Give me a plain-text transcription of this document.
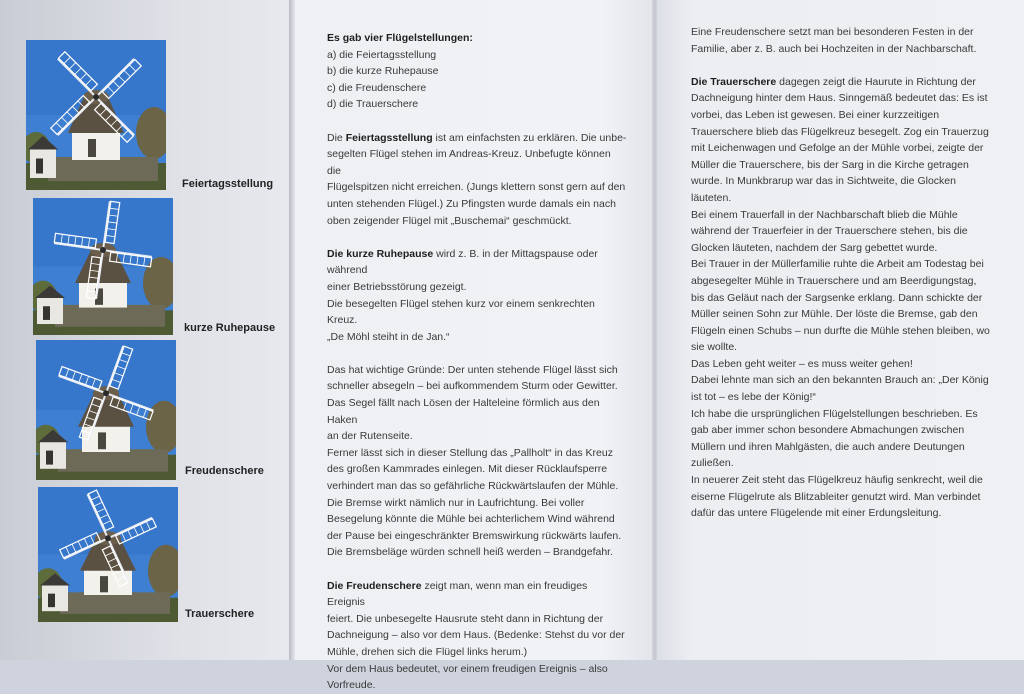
Feiertagsstellung
kurze Ruhepause
Freudenschere
Trauerschere

Es gab vier Flügelstellungen:

a) die Feiertagsstellung

b) die kurze Ruhepause

c) die Freudenschere

d) die Trauerschere

Die Feiertagsstellung ist am einfachsten zu erklären. Die unbe-

segelten Flügel stehen im Andreas-Kreuz. Unbefugte können die

Flügelspitzen nicht erreichen. (Jungs klettern sonst gern auf den

unten stehenden Flügel.) Zu Pfingsten wurde damals ein nach

oben zeigender Flügel mit „Buschemai“ geschmückt.

Die kurze Ruhepause wird z. B. in der Mittagspause oder während

einer Betriebsstörung gezeigt.

Die besegelten Flügel stehen kurz vor einem senkrechten Kreuz.

„De Möhl steiht in de Jan.“

Das hat wichtige Gründe: Der unten stehende Flügel lässt sich

schneller absegeln – bei aufkommendem Sturm oder Gewitter.

Das Segel fällt nach Lösen der Halteleine förmlich aus den Haken

an der Rutenseite.

Ferner lässt sich in dieser Stellung das „Pallholt“ in das Kreuz

des großen Kammrades einlegen. Mit dieser Rücklaufsperre

verhindert man das so gefährliche Rückwärtslaufen der Mühle.

Die Bremse wirkt nämlich nur in Laufrichtung. Bei voller

Besegelung könnte die Mühle bei achterlichem Wind während

der Pause bei eingeschränkter Bremswirkung rückwärts laufen.

Die Bremsbeläge würden schnell heiß werden – Brandgefahr.

Die Freudenschere zeigt man, wenn man ein freudiges Ereignis

feiert. Die unbesegelte Hausrute steht dann in Richtung der

Dachneigung – also vor dem Haus. (Bedenke: Stehst du vor der

Mühle, drehen sich die Flügel links herum.)

Vor dem Haus bedeutet, vor einem freudigen Ereignis – also

Vorfreude.

Eine Freudenschere setzt man bei besonderen Festen in der

Familie, aber z. B. auch bei Hochzeiten in der Nachbarschaft.

Die Trauerschere dagegen zeigt die Haurute in Richtung der

Dachneigung hinter dem Haus. Sinngemäß bedeutet das: Es ist

vorbei, das Leben ist gewesen. Bei einer kurzzeitigen

Trauerschere blieb das Flügelkreuz besegelt. Zog ein Trauerzug

mit Leichenwagen und Gefolge an der Mühle vorbei, zeigte der

Müller die Trauerschere, bis der Sarg in die Kirche getragen

wurde. In Munkbrarup war das in Sichtweite, die Glocken

läuteten.

Bei einem Trauerfall in der Nachbarschaft blieb die Mühle

während der Trauerfeier in der Trauerschere stehen, bis die

Glocken läuteten, nachdem der Sarg gebettet wurde.

Bei Trauer in der Müllerfamilie ruhte die Arbeit am Todestag bei

abgesegelter Mühle in Trauerschere und am Beerdigungstag,

bis das Geläut nach der Sargsenke erklang. Dann schickte der

Müller seinen Sohn zur Mühle. Der löste die Bremse, gab den

Flügeln einen Schubs – nun durfte die Mühle stehen bleiben, wo

sie wollte.

Das Leben geht weiter – es muss weiter gehen!

Dabei lehnte man sich an den bekannten Brauch an: „Der König

ist tot – es lebe der König!“

Ich habe die ursprünglichen Flügelstellungen beschrieben. Es

gab aber immer schon besondere Abmachungen zwischen

Müllern und ihren Mahlgästen, die auch andere Deutungen

zuließen.

In neuerer Zeit steht das Flügelkreuz häufig senkrecht, weil die

eiserne Flügelrute als Blitzableiter genutzt wird. Man verbindet

dafür das untere Flügelende mit einer Erdungsleitung.
